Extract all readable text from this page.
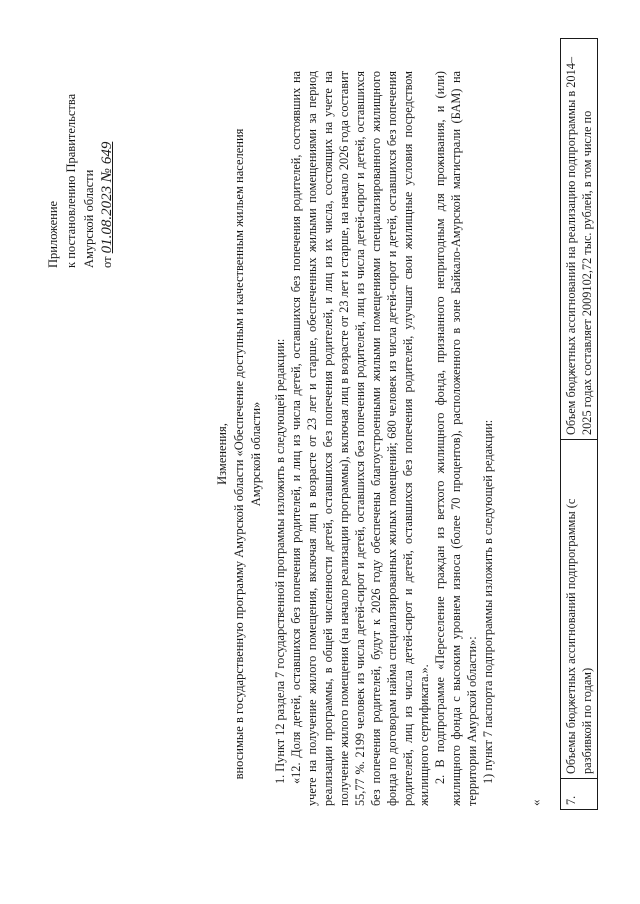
Приложение к постановлению Правительства Амурской области от 01.08.2023 № 649
Изменения, вносимые в государственную программу Амурской области «Обеспечение доступным и качественным жильем населения Амурской области» 1. Пункт 12 раздела 7 государственной программы изложить в следующей редакции: «12. Доля детей, оставшихся без попечения родителей, и лиц из числа детей, оставшихся без попечения родителей, состоявших на учете на получение жилого помещения, включая лиц в возрасте от 23 лет и старше, обеспеченных жилыми помещениями за период реализации программы, в общей численности детей, оставшихся без попечения родителей, и лиц из их числа, состоящих на учете на получение жилого помещения (на начало реализации программы), включая лиц в возрасте от 23 лет и старше, на начало 2026 года составит 55,77 %. 2199 человек из числа детей-сирот и детей, оставшихся без попечения родителей, лиц из числа детей-сирот и детей, оставшихся без попечения родителей, будут к 2026 году обеспечены благоустроенными жилыми помещениями специализированного жилищного фонда по договорам найма специализированных жилых помещений; 680 человек из числа детей-сирот и детей, оставшихся без попечения родителей, лиц из числа детей-сирот и детей, оставшихся без попечения родителей, улучшат свои жилищные условия посредством жилищного сертификата.». 2. В подпрограмме «Переселение граждан из ветхого жилищного фонда, признанного непригодным для проживания, и (или) жилищного фонда с высоким уровнем износа (более 70 процентов), расположенного в зоне Байкало-Амурской магистрали (БАМ) на территории Амурской области»: 1) пункт 7 паспорта подпрограммы изложить в следующей редакции:

« 7.	Объемы бюджетных ассигнований подпрограммы (с разбивкой по годам)	Объем бюджетных ассигнований на реализацию подпрограммы в 2014–2025 годах составляет 2009102,72 тыс. рублей, в том числе по
